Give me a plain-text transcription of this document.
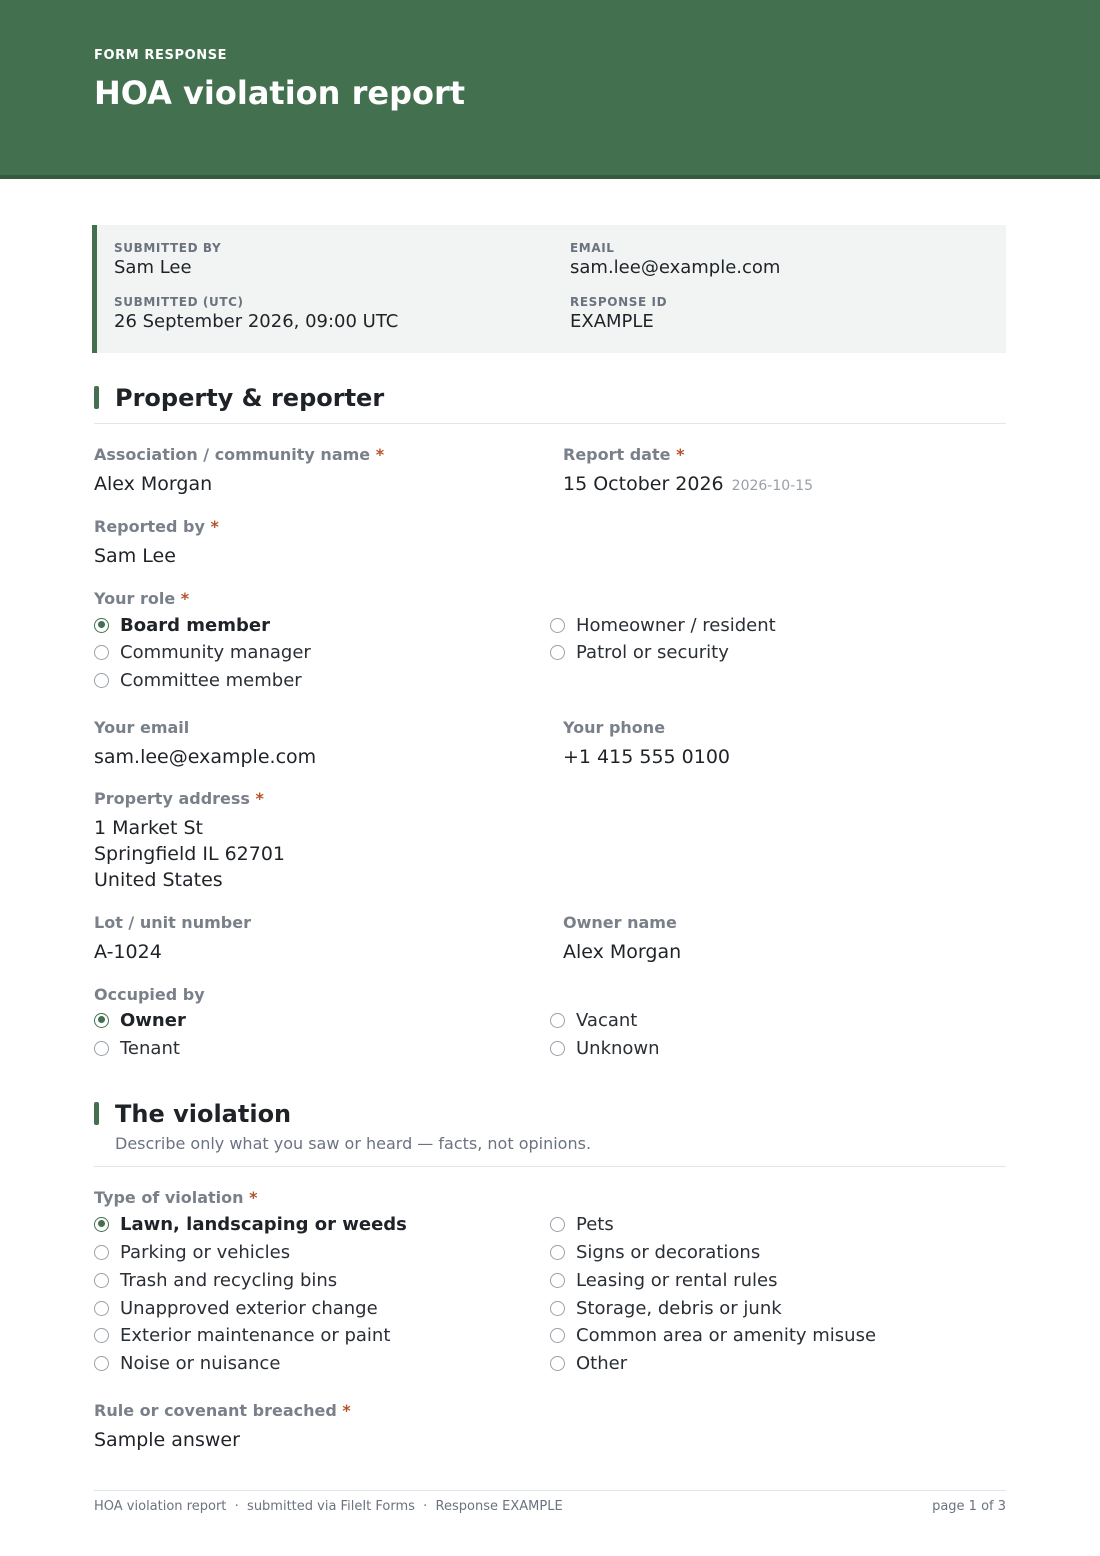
FORM RESPONSE
HOA violation report
SUBMITTED BY
Sam Lee
EMAIL
sam.lee@example.com
SUBMITTED (UTC)
26 September 2026, 09:00 UTC
RESPONSE ID
EXAMPLE
Property & reporter
Association / community name *
Alex Morgan
Report date *
15 October 2026 2026-10-15
Reported by *
Sam Lee
Your role *
Board member
Community manager
Committee member
Homeowner / resident
Patrol or security
Your email
sam.lee@example.com
Your phone
+1 415 555 0100
Property address *
1 Market St
Springfield IL 62701
United States
Lot / unit number
A-1024
Owner name
Alex Morgan
Occupied by
Owner
Tenant
Vacant
Unknown
The violation
Describe only what you saw or heard — facts, not opinions.
Type of violation *
Lawn, landscaping or weeds
Parking or vehicles
Trash and recycling bins
Unapproved exterior change
Exterior maintenance or paint
Noise or nuisance
Pets
Signs or decorations
Leasing or rental rules
Storage, debris or junk
Common area or amenity misuse
Other
Rule or covenant breached *
Sample answer
HOA violation report  ·  submitted via FileIt Forms  ·  Response EXAMPLE	page 1 of 3
